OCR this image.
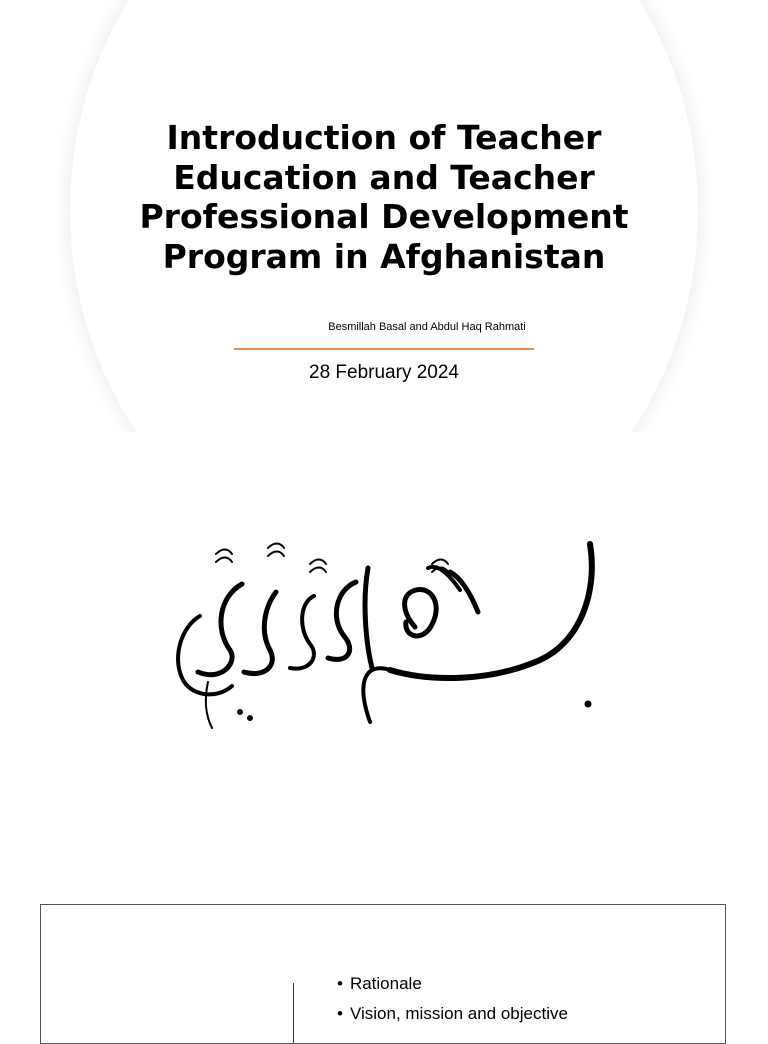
Introduction of Teacher
Education and Teacher
Professional Development
Program in Afghanistan
Besmillah Basal and Abdul Haq Rahmati
28 February 2024
• Rationale
• Vision, mission and objective
